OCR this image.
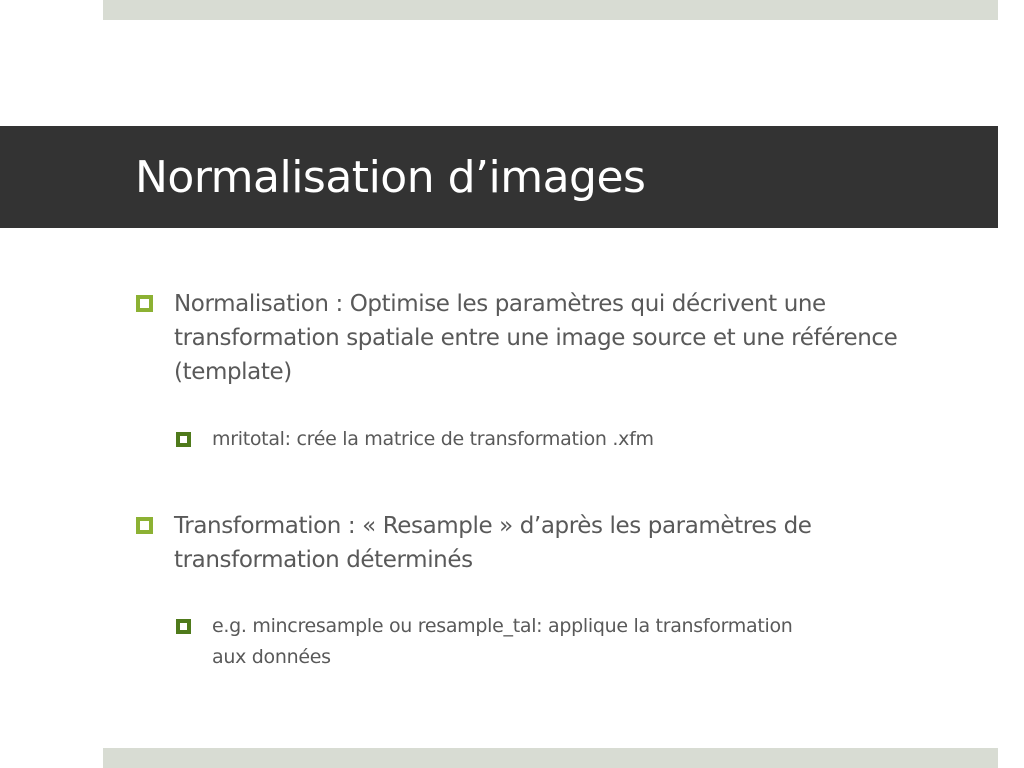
Normalisation d’images
Normalisation : Optimise les paramètres qui décrivent une transformation spatiale entre une image source et une référence (template)
mritotal: crée la matrice de transformation .xfm
Transformation : « Resample » d’après les paramètres de transformation déterminés
e.g. mincresample ou resample_tal: applique la transformation aux données
